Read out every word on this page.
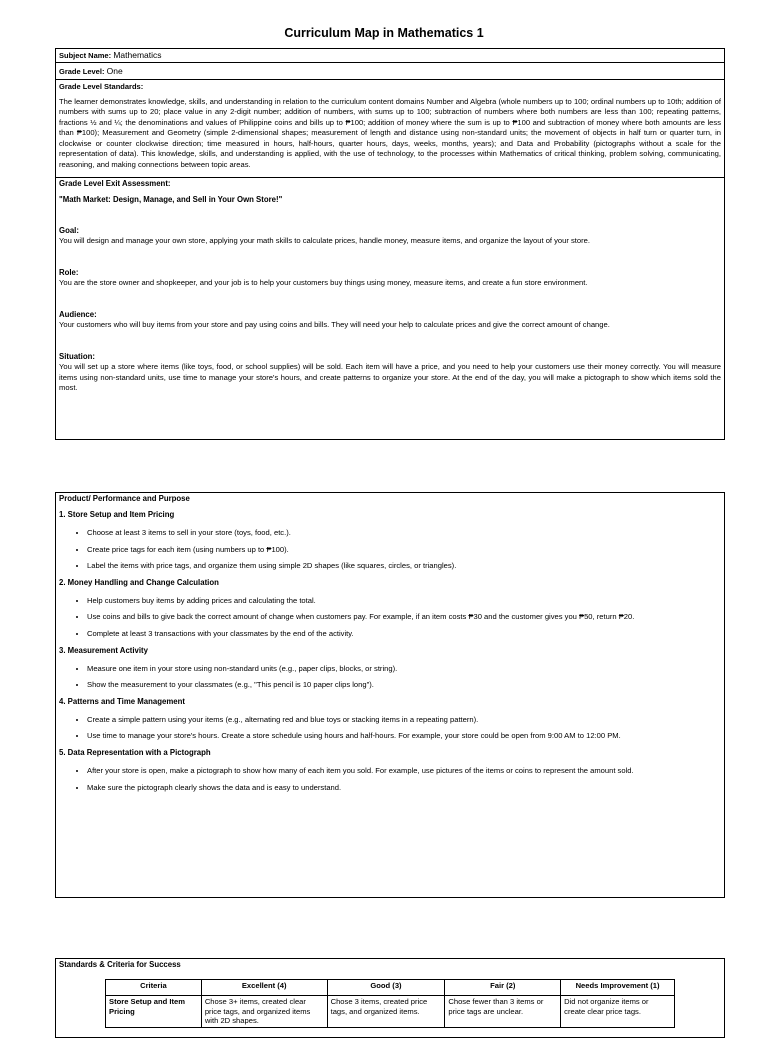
Curriculum Map in Mathematics 1
Subject Name: Mathematics
Grade Level: One
Grade Level Standards:
The learner demonstrates knowledge, skills, and understanding in relation to the curriculum content domains Number and Algebra (whole numbers up to 100; ordinal numbers up to 10th; addition of numbers with sums up to 20; place value in any 2-digit number; addition of numbers, with sums up to 100; subtraction of numbers where both numbers are less than 100; repeating patterns, fractions ½ and ¼; the denominations and values of Philippine coins and bills up to ₱100; addition of money where the sum is up to ₱100 and subtraction of money where both amounts are less than ₱100); Measurement and Geometry (simple 2-dimensional shapes; measurement of length and distance using non-standard units; the movement of objects in half turn or quarter turn, in clockwise or counter clockwise direction; time measured in hours, half-hours, quarter hours, days, weeks, months, years); and Data and Probability (pictographs without a scale for the representation of data). This knowledge, skills, and understanding is applied, with the use of technology, to the processes within Mathematics of critical thinking, problem solving, communicating, reasoning, and making connections between topic areas.
Grade Level Exit Assessment:
"Math Market: Design, Manage, and Sell in Your Own Store!"
Goal:
You will design and manage your own store, applying your math skills to calculate prices, handle money, measure items, and organize the layout of your store.
Role:
You are the store owner and shopkeeper, and your job is to help your customers buy things using money, measure items, and create a fun store environment.
Audience:
Your customers who will buy items from your store and pay using coins and bills. They will need your help to calculate prices and give the correct amount of change.
Situation:
You will set up a store where items (like toys, food, or school supplies) will be sold. Each item will have a price, and you need to help your customers use their money correctly. You will measure items using non-standard units, use time to manage your store's hours, and create patterns to organize your store. At the end of the day, you will make a pictograph to show which items sold the most.
Product/ Performance and Purpose
1. Store Setup and Item Pricing
• Choose at least 3 items to sell in your store (toys, food, etc.).
• Create price tags for each item (using numbers up to ₱100).
• Label the items with price tags, and organize them using simple 2D shapes (like squares, circles, or triangles).
2. Money Handling and Change Calculation
• Help customers buy items by adding prices and calculating the total.
• Use coins and bills to give back the correct amount of change when customers pay. For example, if an item costs ₱30 and the customer gives you ₱50, return ₱20.
• Complete at least 3 transactions with your classmates by the end of the activity.
3. Measurement Activity
• Measure one item in your store using non-standard units (e.g., paper clips, blocks, or string).
• Show the measurement to your classmates (e.g., "This pencil is 10 paper clips long").
4. Patterns and Time Management
• Create a simple pattern using your items (e.g., alternating red and blue toys or stacking items in a repeating pattern).
• Use time to manage your store's hours. Create a store schedule using hours and half-hours. For example, your store could be open from 9:00 AM to 12:00 PM.
5. Data Representation with a Pictograph
• After your store is open, make a pictograph to show how many of each item you sold. For example, use pictures of the items or coins to represent the amount sold.
• Make sure the pictograph clearly shows the data and is easy to understand.
Standards & Criteria for Success
Criteria	Excellent (4)	Good (3)	Fair (2)	Needs Improvement (1)
Store Setup and Item Pricing	Chose 3+ items, created clear price tags, and organized items with 2D shapes.	Chose 3 items, created price tags, and organized items.	Chose fewer than 3 items or price tags are unclear.	Did not organize items or create clear price tags.
